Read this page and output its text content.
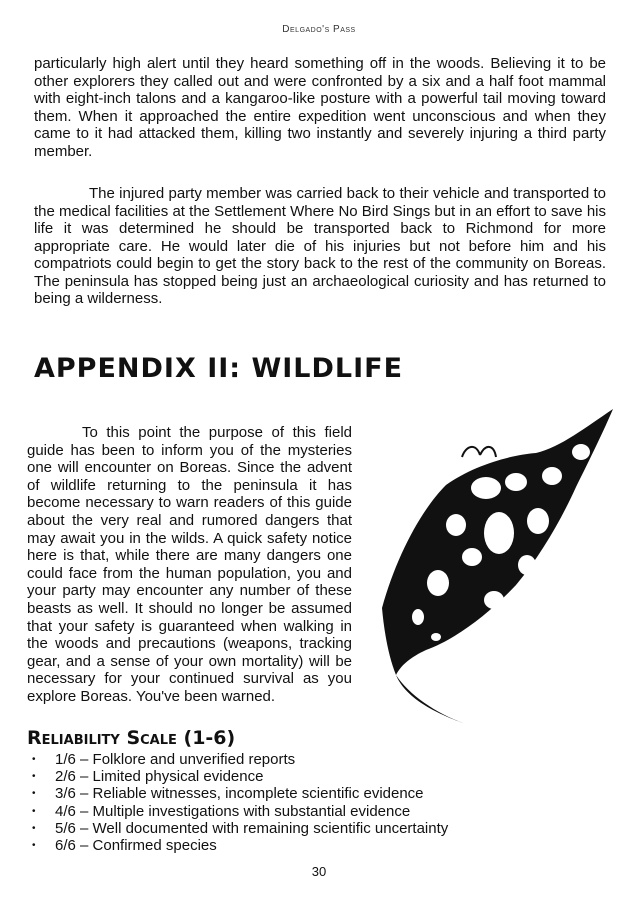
Delgado's Pass

particularly high alert until they heard something off in the woods. Believing it to be other explorers they called out and were confronted by a six and a half foot mammal with eight-inch talons and a kangaroo-like posture with a powerful tail moving toward them. When it approached the entire expedition went unconscious and when they came to it had attacked them, killing two instantly and severely injuring a third party member.

The injured party member was carried back to their vehicle and transported to the medical facilities at the Settlement Where No Bird Sings but in an effort to save his life it was determined he should be transported back to Richmond for more appropriate care. He would later die of his injuries but not before him and his compatriots could begin to get the story back to the rest of the community on Boreas. The peninsula has stopped being just an archaeological curiosity and has returned to being a wilderness.

APPENDIX II: WILDLIFE

To this point the purpose of this field guide has been to inform you of the mysteries one will encounter on Boreas. Since the advent of wildlife returning to the peninsula it has become necessary to warn readers of this guide about the very real and rumored dangers that may await you in the wilds. A quick safety notice here is that, while there are many dangers one could face from the human population, you and your party may encounter any number of these beasts as well. It should no longer be assumed that your safety is guaranteed when walking in the woods and precautions (weapons, tracking gear, and a sense of your own mortality) will be necessary for your continued survival as you explore Boreas. You've been warned.

Reliability Scale (1-6)
• 1/6 – Folklore and unverified reports
• 2/6 – Limited physical evidence
• 3/6 – Reliable witnesses, incomplete scientific evidence
• 4/6 – Multiple investigations with substantial evidence
• 5/6 – Well documented with remaining scientific uncertainty
• 6/6 – Confirmed species
30
